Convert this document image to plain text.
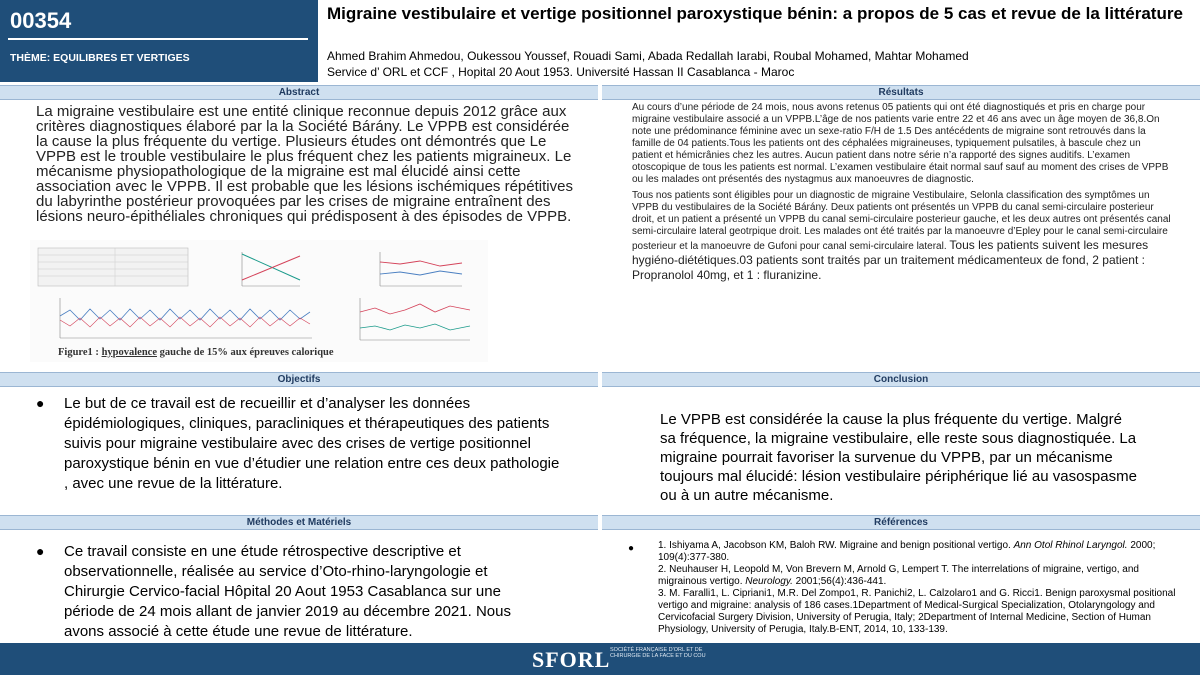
00354
THÈME: EQUILIBRES ET VERTIGES
Migraine vestibulaire et vertige positionnel paroxystique bénin: a propos de 5 cas et revue de la littérature
Ahmed Brahim Ahmedou, Oukessou Youssef, Rouadi Sami, Abada Redallah Iarabi, Roubal Mohamed, Mahtar Mohamed
Service d’ ORL et CCF , Hopital 20 Aout 1953. Université Hassan II Casablanca - Maroc
Abstract
La migraine vestibulaire est une entité clinique reconnue depuis 2012 grâce aux critères diagnostiques élaboré par la la Société Bárány. Le VPPB est considérée la cause la plus fréquente du vertige. Plusieurs études ont démontrés que Le VPPB est le trouble vestibulaire le plus fréquent chez les patients migraineux. Le mécanisme physiopathologique de la migraine est mal élucidé ainsi cette association avec le VPPB. Il est probable que les lésions ischémiques répétitives du labyrinthe postérieur provoquées par les crises de migraine entraînent des lésions neuro-épithéliales chroniques qui prédisposent à des épisodes de VPPB.
Figure1 : hypovalence gauche de 15% aux épreuves calorique
Résultats

Au cours d’une période de 24 mois, nous avons retenus 05 patients qui ont été diagnostiqués et pris en charge pour migraine vestibulaire associé a un VPPB.L’âge de nos patients varie entre 22 et 46 ans avec un âge moyen de 36,8.On note une prédominance féminine avec un sexe-ratio F/H de 1.5 Des antécédents de migraine sont retrouvés dans la famille de 04 patients.Tous les patients ont des céphalées migraineuses, typiquement pulsatiles, à bascule chez un patient et hémicrânies chez les autres. Aucun patient dans notre série n’a rapporté des signes auditifs. L’examen otoscopique de tous les patients est normal. L’examen vestibulaire était normal sauf sauf au moment des crises de VPPB ou les malades ont présentés des nystagmus aux manoeuvres de diagnostic.

Tous nos patients sont éligibles pour un diagnostic de migraine Vestibulaire, Selonla classification des symptômes un VPPB du vestibulaires de la Société Bárány. Deux patients ont présentés un VPPB du canal semi-circulaire posterieur droit, et un patient a présenté un VPPB du canal semi-circulaire posterieur gauche, et les deux autres ont présentés canal semi-circulaire lateral geotrpique droit. Les malades ont été traités par la manoeuvre d’Epley pour le canal semi-circulaire posterieur et la manoeuvre de Gufoni pour canal semi-circulaire lateral. Tous les patients suivent les mesures hygiéno-diététiques.03 patients sont traités par un traitement médicamenteux de fond, 2 patient : Propranolol 40mg, et 1 : fluranizine.

Objectifs
●	Le but de ce travail est de recueillir et d’analyser les données épidémiologiques, cliniques, paracliniques et thérapeutiques des patients suivis pour migraine vestibulaire avec des crises de vertige positionnel paroxystique bénin en vue d’étudier une relation entre ces deux pathologie , avec une revue de la littérature.
Conclusion
Le VPPB est considérée la cause la plus fréquente du vertige. Malgré sa fréquence, la migraine vestibulaire, elle reste sous diagnostiquée. La migraine pourrait favoriser la survenue du VPPB, par un mécanisme toujours mal élucidé: lésion vestibulaire périphérique lié au vasospasme ou à un autre mécanisme.
Méthodes et Matériels
●	Ce travail consiste en une étude rétrospective descriptive et observationnelle, réalisée au service d’Oto-rhino-laryngologie et Chirurgie Cervico-facial Hôpital 20 Aout 1953 Casablanca sur une période de 24 mois allant de janvier 2019 au décembre 2021. Nous avons associé à cette étude une revue de littérature.
Références
●	1. Ishiyama A, Jacobson KM, Baloh RW. Migraine and benign positional vertigo. Ann Otol Rhinol Laryngol. 2000; 109(4):377-380.
2. Neuhauser H, Leopold M, Von Brevern M, Arnold G, Lempert T. The interrelations of migraine, vertigo, and migrainous vertigo. Neurology. 2001;56(4):436-441.
3. M. Faralli1, L. Cipriani1, M.R. Del Zompo1, R. Panichi2, L. Calzolaro1 and G. Ricci1. Benign paroxysmal positional vertigo and migraine: analysis of 186 cases.1Department of Medical-Surgical Specialization, Otolaryngology and Cervicofacial Surgery Division, University of Perugia, Italy; 2Department of Internal Medicine, Section of Human Physiology, University of Perugia, Italy.B-ENT, 2014, 10, 133-139.
SFORL SOCIÉTÉ FRANÇAISE D'ORL ET DE CHIRURGIE DE LA FACE ET DU COU
